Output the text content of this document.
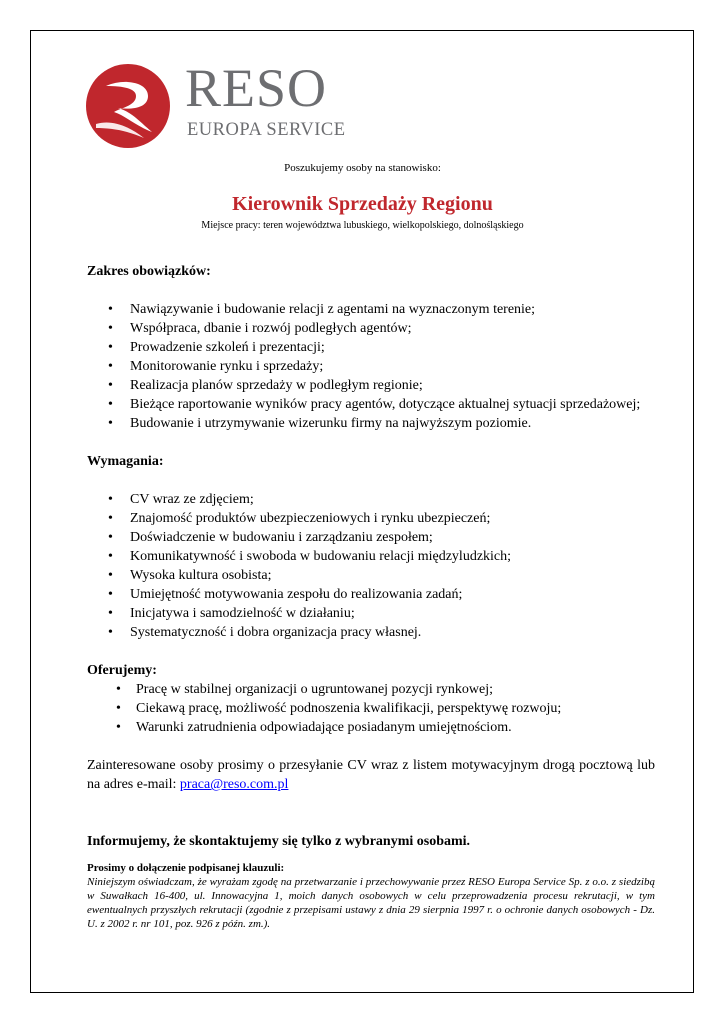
RESO
EUROPA SERVICE
Poszukujemy osoby na stanowisko:
Kierownik Sprzedaży Regionu
Miejsce pracy: teren województwa lubuskiego, wielkopolskiego, dolnośląskiego

Zakres obowiązków:

• Nawiązywanie i budowanie relacji z agentami na wyznaczonym terenie;
• Współpraca, dbanie i rozwój podległych agentów;
• Prowadzenie szkoleń i prezentacji;
• Monitorowanie rynku i sprzedaży;
• Realizacja planów sprzedaży w podległym regionie;
• Bieżące raportowanie wyników pracy agentów, dotyczące aktualnej sytuacji sprzedażowej;
• Budowanie i utrzymywanie wizerunku firmy na najwyższym poziomie.

Wymagania:

• CV wraz ze zdjęciem;
• Znajomość produktów ubezpieczeniowych i rynku ubezpieczeń;
• Doświadczenie w budowaniu i zarządzaniu zespołem;
• Komunikatywność i swoboda w budowaniu relacji międzyludzkich;
• Wysoka kultura osobista;
• Umiejętność motywowania zespołu do realizowania zadań;
• Inicjatywa i samodzielność w działaniu;
• Systematyczność i dobra organizacja pracy własnej.

Oferujemy:

• Pracę w stabilnej organizacji o ugruntowanej pozycji rynkowej;
• Ciekawą pracę, możliwość podnoszenia kwalifikacji, perspektywę rozwoju;
• Warunki zatrudnienia odpowiadające posiadanym umiejętnościom.

Zainteresowane osoby prosimy o przesyłanie CV wraz z listem motywacyjnym drogą pocztową lub na adres e-mail: praca@reso.com.pl

Informujemy, że skontaktujemy się tylko z wybranymi osobami.

Prosimy o dołączenie podpisanej klauzuli:

Niniejszym oświadczam, że wyrażam zgodę na przetwarzanie i przechowywanie przez RESO Europa Service Sp. z o.o. z siedzibą w Suwałkach 16-400, ul. Innowacyjna 1, moich danych osobowych w celu przeprowadzenia procesu rekrutacji, w tym ewentualnych przyszłych rekrutacji (zgodnie z przepisami ustawy z dnia 29 sierpnia 1997 r. o ochronie danych osobowych - Dz. U. z 2002 r. nr 101, poz. 926 z późn. zm.).
